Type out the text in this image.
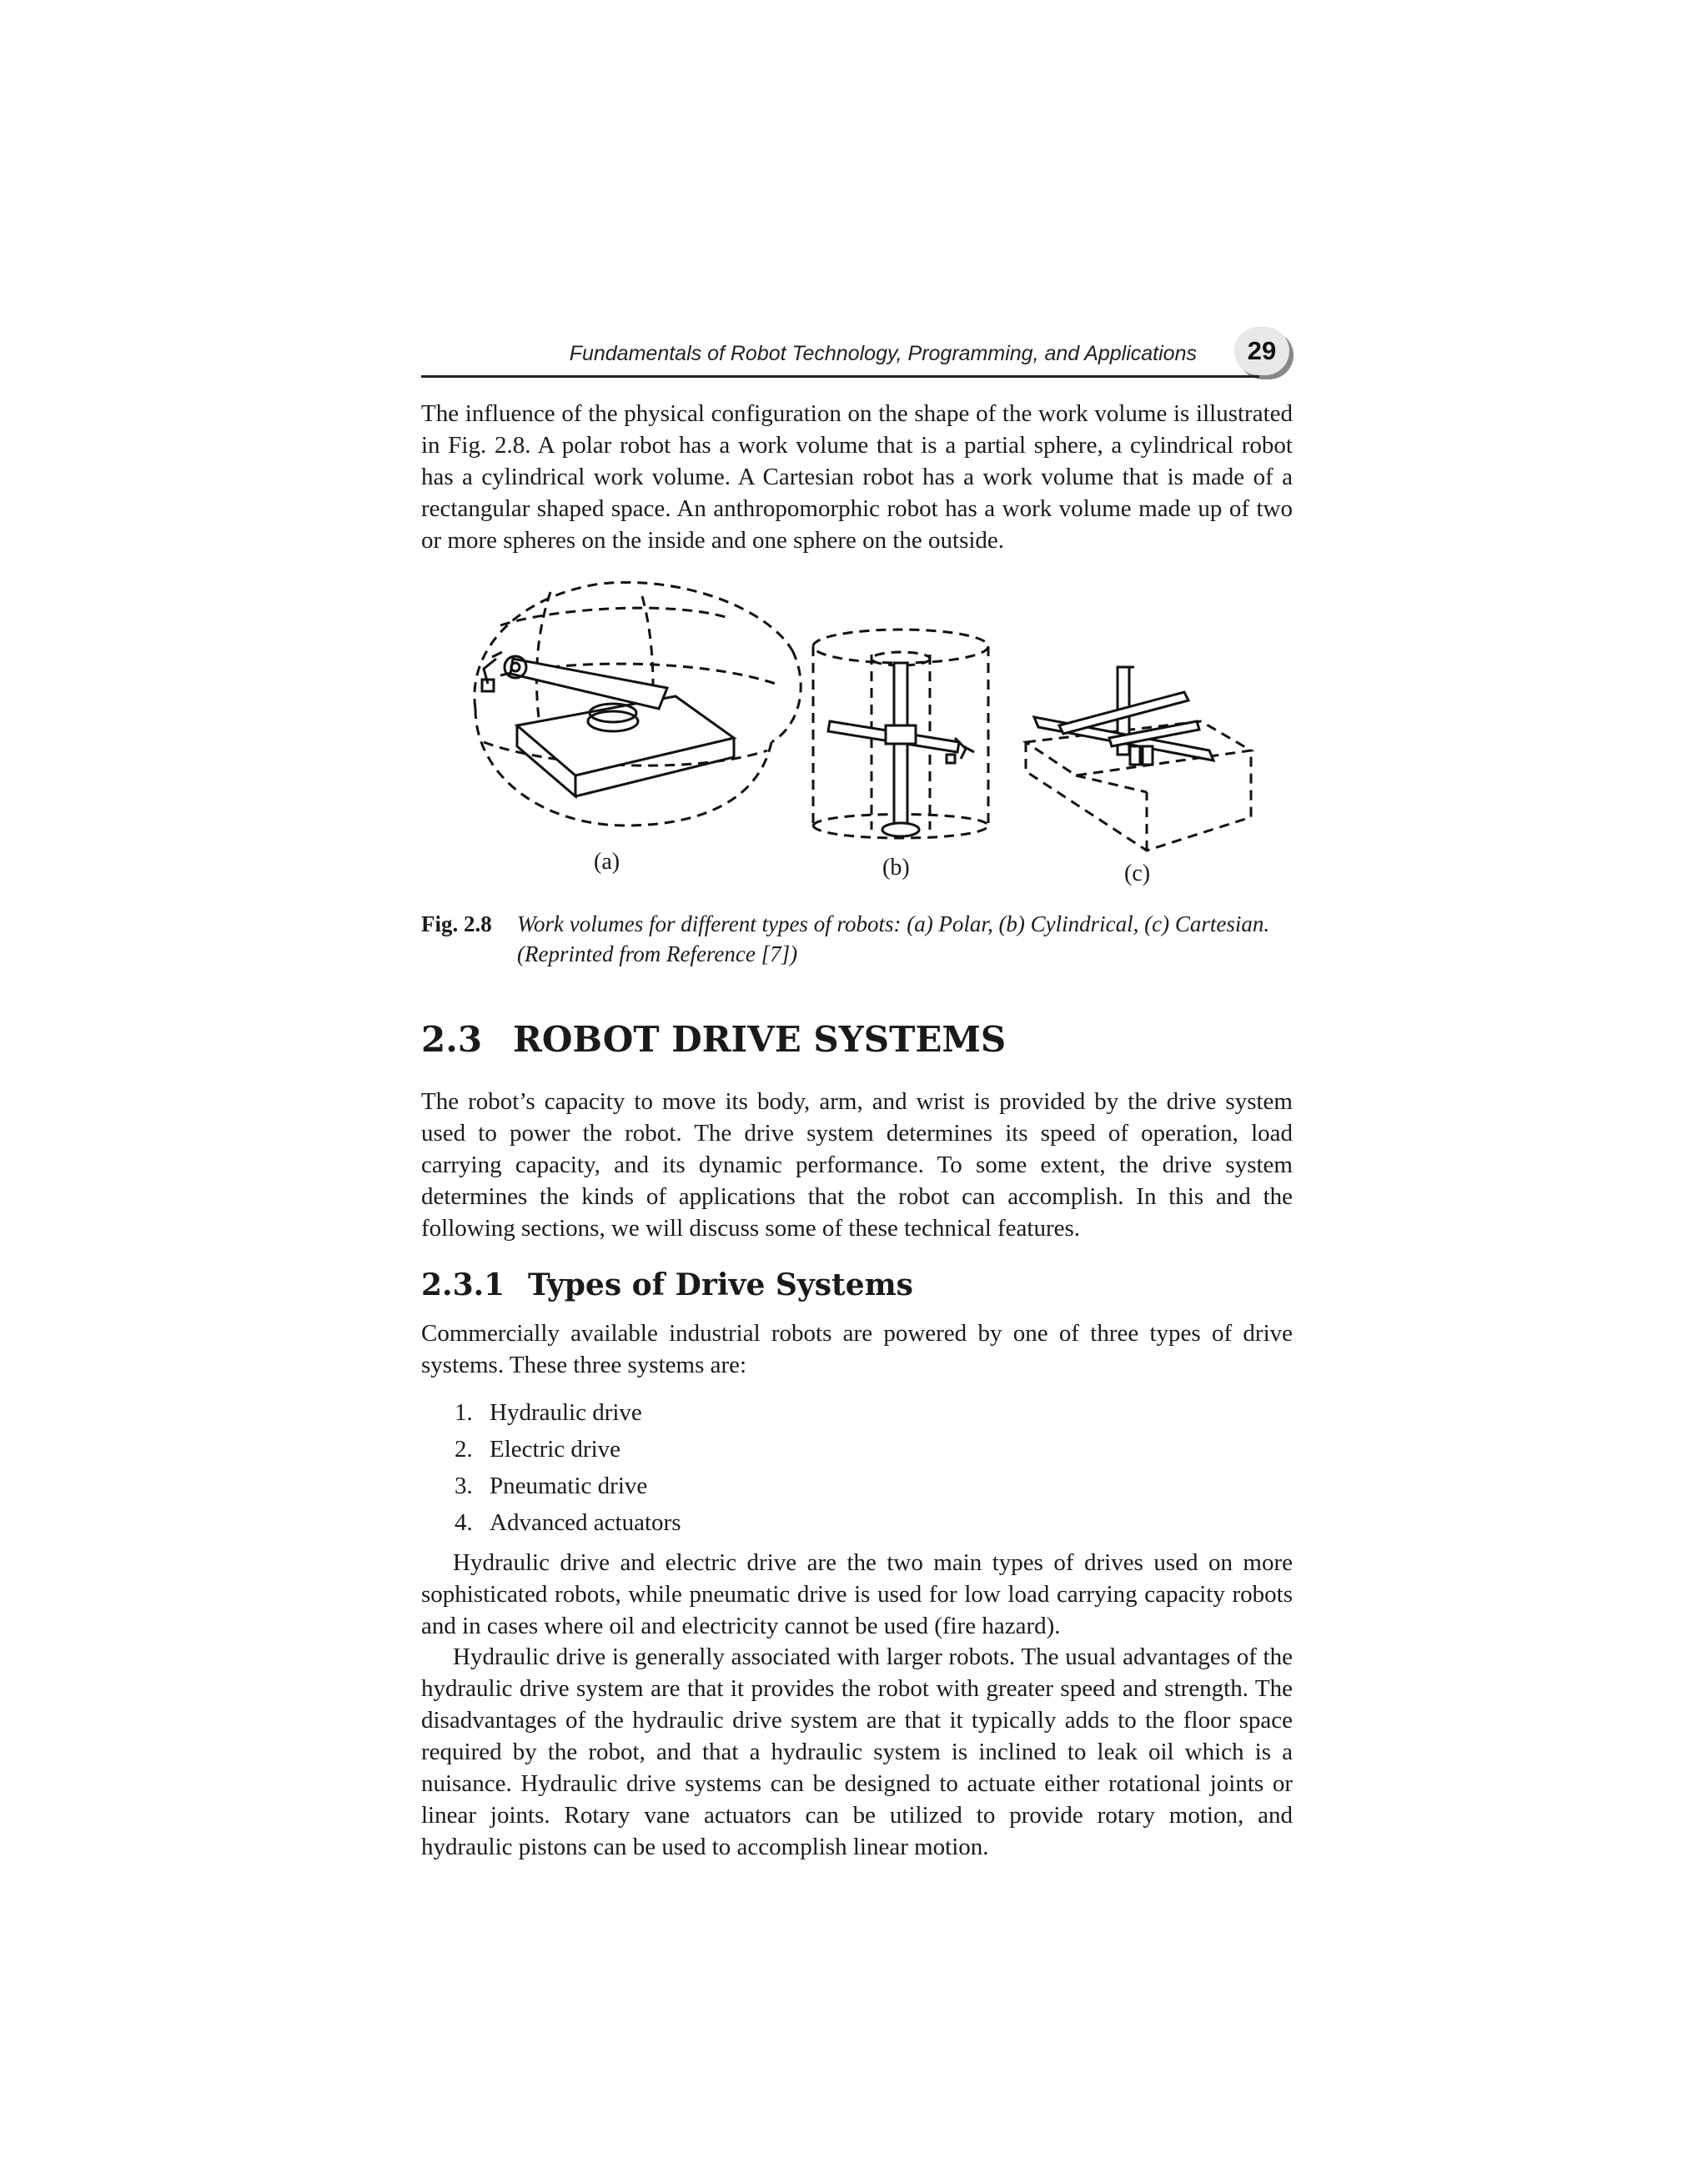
Fundamentals of Robot Technology, Programming, and Applications	29
The influence of the physical configuration on the shape of the work volume is illustrated in Fig. 2.8. A polar robot has a work volume that is a partial sphere, a cylindrical robot has a cylindrical work volume. A Cartesian robot has a work volume that is made of a rectangular shaped space. An anthropomorphic robot has a work volume made up of two or more spheres on the inside and one sphere on the outside.
(a)	(b)	(c)
Fig. 2.8 Work volumes for different types of robots: (a) Polar, (b) Cylindrical, (c) Cartesian. (Reprinted from Reference [7])
2.3 ROBOT DRIVE SYSTEMS
The robot’s capacity to move its body, arm, and wrist is provided by the drive system used to power the robot. The drive system determines its speed of operation, load carrying capacity, and its dynamic performance. To some extent, the drive system determines the kinds of applications that the robot can accomplish. In this and the following sections, we will discuss some of these technical features.
2.3.1 Types of Drive Systems
Commercially available industrial robots are powered by one of three types of drive systems. These three systems are:
1. Hydraulic drive
2. Electric drive
3. Pneumatic drive
4. Advanced actuators
Hydraulic drive and electric drive are the two main types of drives used on more sophisticated robots, while pneumatic drive is used for low load carrying capacity robots and in cases where oil and electricity cannot be used (fire hazard).
Hydraulic drive is generally associated with larger robots. The usual advantages of the hydraulic drive system are that it provides the robot with greater speed and strength. The disadvantages of the hydraulic drive system are that it typically adds to the floor space required by the robot, and that a hydraulic system is inclined to leak oil which is a nuisance. Hydraulic drive systems can be designed to actuate either rotational joints or linear joints. Rotary vane actuators can be utilized to provide rotary motion, and hydraulic pistons can be used to accomplish linear motion.
